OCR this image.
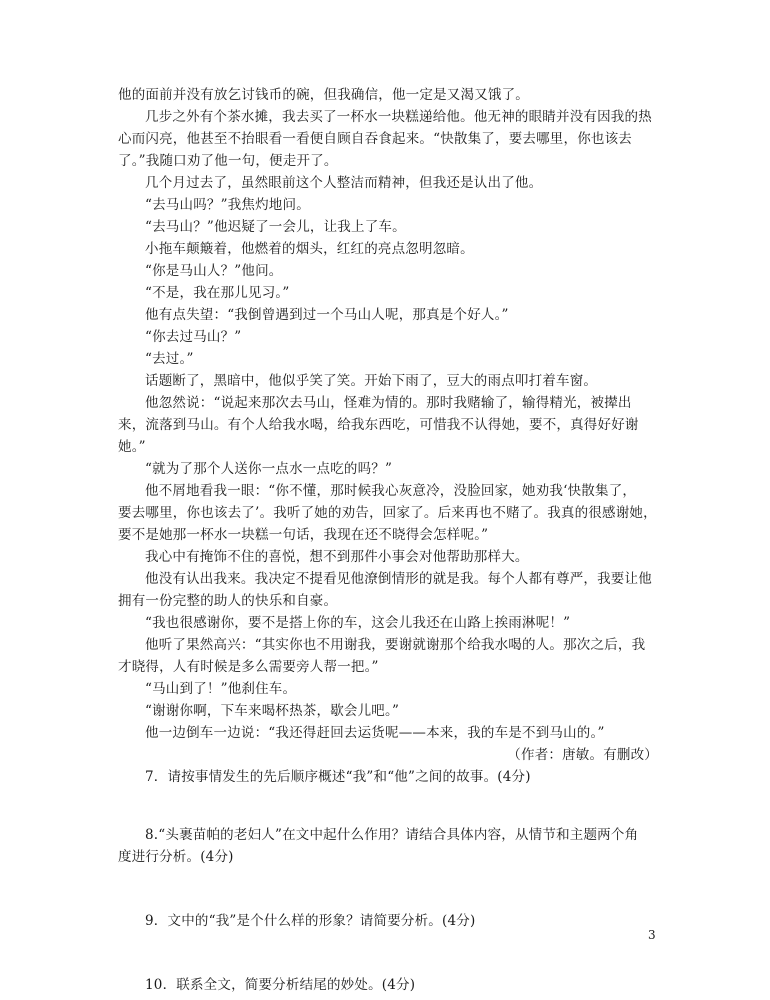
他的面前并没有放乞讨钱币的碗，但我确信，他一定是又渴又饿了。
几步之外有个茶水摊，我去买了一杯水一块糕递给他。他无神的眼睛并没有因我的热
心而闪亮，他甚至不抬眼看一看便自顾自吞食起来。“快散集了，要去哪里，你也该去
了。”我随口劝了他一句，便走开了。
几个月过去了，虽然眼前这个人整洁而精神，但我还是认出了他。
“去马山吗？”我焦灼地问。
“去马山？”他迟疑了一会儿，让我上了车。
小拖车颠簸着，他燃着的烟头，红红的亮点忽明忽暗。
“你是马山人？”他问。
“不是，我在那儿见习。”
他有点失望：“我倒曾遇到过一个马山人呢，那真是个好人。”
“你去过马山？”
“去过。”
话题断了，黑暗中，他似乎笑了笑。开始下雨了，豆大的雨点叩打着车窗。
他忽然说：“说起来那次去马山，怪难为情的。那时我赌输了，输得精光，被撵出
来，流落到马山。有个人给我水喝，给我东西吃，可惜我不认得她，要不，真得好好谢
她。”
“就为了那个人送你一点水一点吃的吗？”
他不屑地看我一眼：“你不懂，那时候我心灰意冷，没脸回家，她劝我‘快散集了，
要去哪里，你也该去了’。我听了她的劝告，回家了。后来再也不赌了。我真的很感谢她，
要不是她那一杯水一块糕一句话，我现在还不晓得会怎样呢。”
我心中有掩饰不住的喜悦，想不到那件小事会对他帮助那样大。
他没有认出我来。我决定不提看见他潦倒情形的就是我。每个人都有尊严，我要让他
拥有一份完整的助人的快乐和自豪。
“我也很感谢你，要不是搭上你的车，这会儿我还在山路上挨雨淋呢！”
他听了果然高兴：“其实你也不用谢我，要谢就谢那个给我水喝的人。那次之后，我
才晓得，人有时候是多么需要旁人帮一把。”
“马山到了！”他刹住车。
“谢谢你啊，下车来喝杯热茶，歇会儿吧。”
他一边倒车一边说：“我还得赶回去运货呢——本来，我的车是不到马山的。”
（作者：唐敏。有删改）
7．请按事情发生的先后顺序概述“我”和“他”之间的故事。(4分)
8.“头裹苗帕的老妇人”在文中起什么作用？请结合具体内容，从情节和主题两个角
度进行分析。(4分)
9．文中的“我”是个什么样的形象？请简要分析。(4分)
10．联系全文，简要分析结尾的妙处。(4分)
3
